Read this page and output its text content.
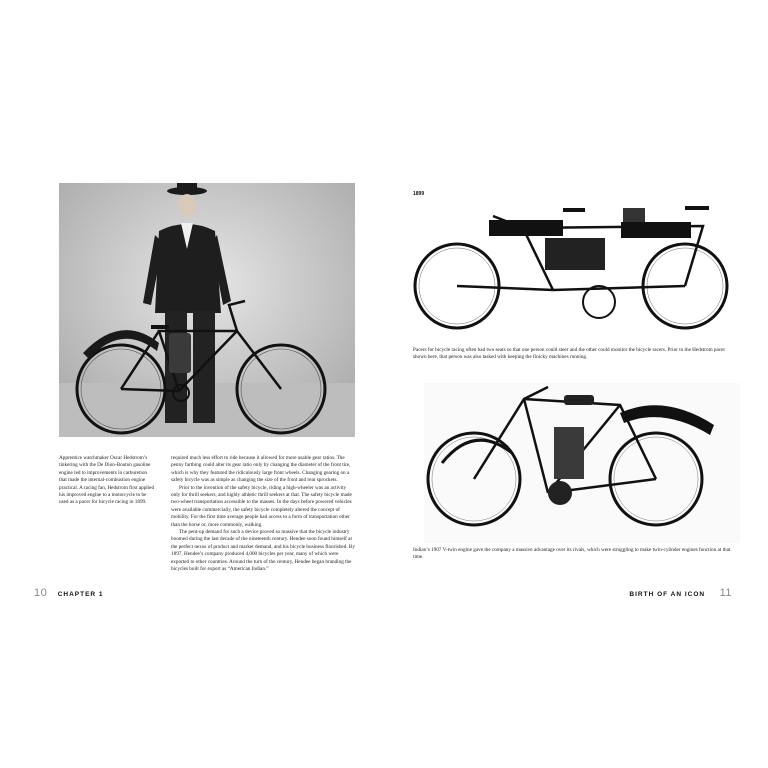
Apprentice watchmaker Oscar Hedstrom’s tinkering with the De Dion-Bouton gasoline engine led to improvements in carburetion that made the internal-combustion engine practical. A racing fan, Hedstrom first applied his improved engine to a motorcycle to be used as a pacer for bicycle racing in 1899.

required much less effort to ride because it allowed for more usable gear ratios. The penny farthing could alter its gear ratio only by changing the diameter of the front tire, which is why they featured the ridiculously large front wheels. Changing gearing on a safety bicycle was as simple as changing the size of the front and rear sprockets.

Prior to the invention of the safety bicycle, riding a high-wheeler was an activity only for thrill seekers, and highly athletic thrill seekers at that. The safety bicycle made two-wheel transportation accessible to the masses. In the days before powered vehicles were available commercially, the safety bicycle completely altered the concept of mobility. For the first time average people had access to a form of transportation other than the horse or, more commonly, walking.

The pent-up demand for such a device proved so massive that the bicycle industry boomed during the last decade of the nineteenth century. Hendee soon found himself at the perfect nexus of product and market demand, and his bicycle business flourished. By 1897, Hendee’s company produced 4,000 bicycles per year, many of which were exported to other countries. Around the turn of the century, Hendee began branding the bicycles built for export as “American Indian.”

10 CHAPTER 1
1899

Pacers for bicycle racing often had two seats so that one person could steer and the other could monitor the bicycle racers. Prior to the Hedstrom pacer shown here, that person was also tasked with keeping the finicky machines running.

Indian’s 1907 V-twin engine gave the company a massive advantage over its rivals, which were struggling to make twin-cylinder engines function at that time.

BIRTH OF AN ICON 11
